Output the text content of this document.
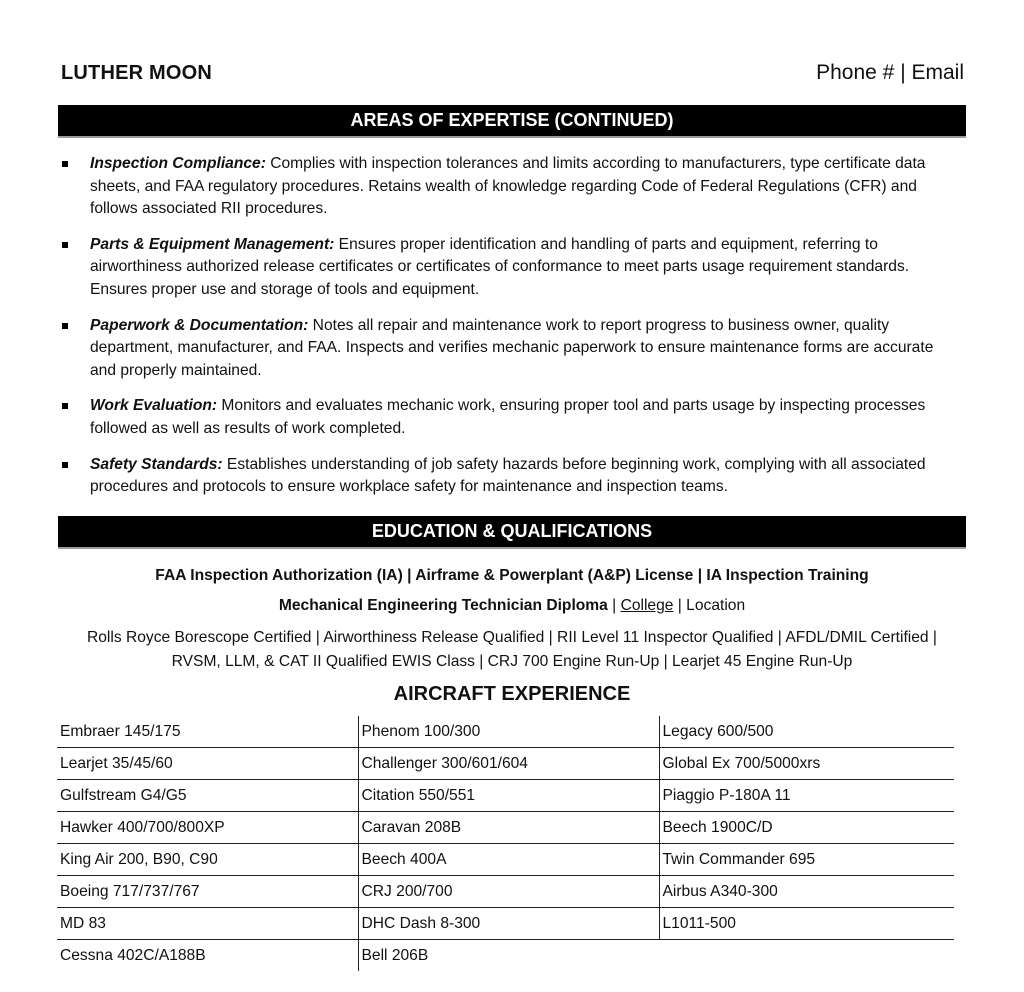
LUTHER MOON	Phone # | Email
AREAS OF EXPERTISE (CONTINUED)
Inspection Compliance: Complies with inspection tolerances and limits according to manufacturers, type certificate data sheets, and FAA regulatory procedures. Retains wealth of knowledge regarding Code of Federal Regulations (CFR) and follows associated RII procedures.
Parts & Equipment Management: Ensures proper identification and handling of parts and equipment, referring to airworthiness authorized release certificates or certificates of conformance to meet parts usage requirement standards. Ensures proper use and storage of tools and equipment.
Paperwork & Documentation: Notes all repair and maintenance work to report progress to business owner, quality department, manufacturer, and FAA. Inspects and verifies mechanic paperwork to ensure maintenance forms are accurate and properly maintained.
Work Evaluation: Monitors and evaluates mechanic work, ensuring proper tool and parts usage by inspecting processes followed as well as results of work completed.
Safety Standards: Establishes understanding of job safety hazards before beginning work, complying with all associated procedures and protocols to ensure workplace safety for maintenance and inspection teams.
EDUCATION & QUALIFICATIONS
FAA Inspection Authorization (IA) | Airframe & Powerplant (A&P) License | IA Inspection Training
Mechanical Engineering Technician Diploma | College | Location
Rolls Royce Borescope Certified | Airworthiness Release Qualified | RII Level 11 Inspector Qualified | AFDL/DMIL Certified | RVSM, LLM, & CAT II Qualified EWIS Class | CRJ 700 Engine Run-Up | Learjet 45 Engine Run-Up
AIRCRAFT EXPERIENCE
Embraer 145/175	Phenom 100/300	Legacy 600/500
Learjet 35/45/60	Challenger 300/601/604	Global Ex 700/5000xrs
Gulfstream G4/G5	Citation 550/551	Piaggio P-180A 11
Hawker 400/700/800XP	Caravan 208B	Beech 1900C/D
King Air 200, B90, C90	Beech 400A	Twin Commander 695
Boeing 717/737/767	CRJ 200/700	Airbus A340-300
MD 83	DHC Dash 8-300	L1011-500
Cessna 402C/A188B	Bell 206B	
